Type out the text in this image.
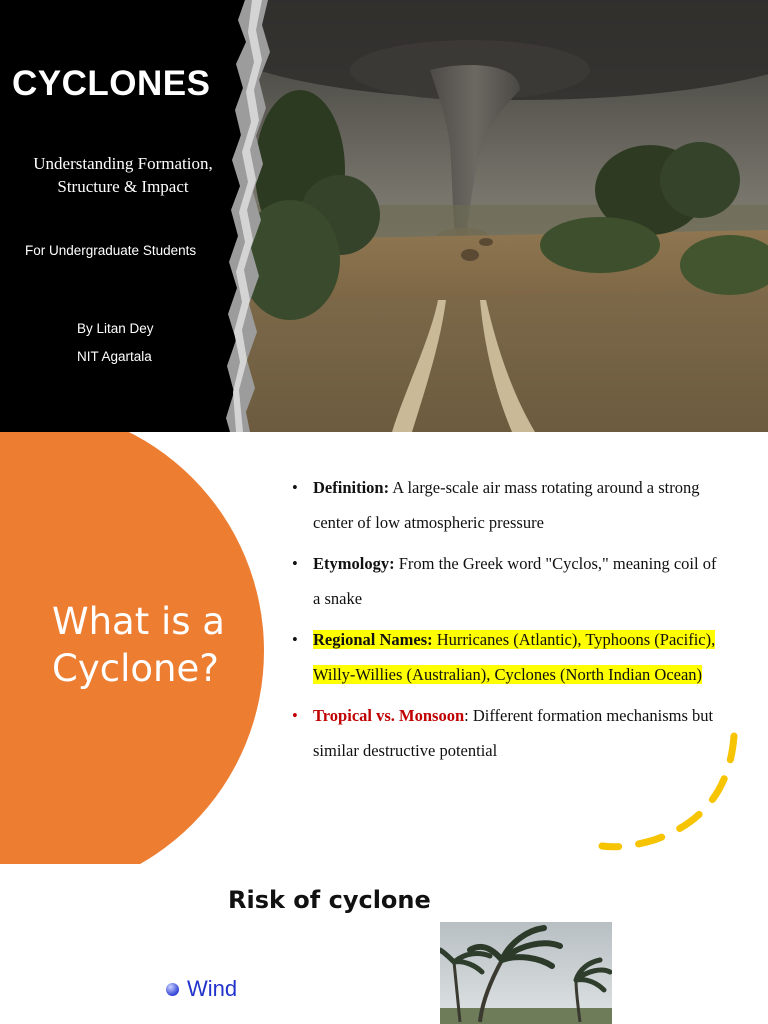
CYCLONES
Understanding Formation,
Structure & Impact
For Undergraduate Students
By Litan Dey
NIT Agartala
What is a
Cyclone?
• Definition: A large-scale air mass rotating around a strong center of low atmospheric pressure
• Etymology: From the Greek word "Cyclos," meaning coil of a snake
• Regional Names: Hurricanes (Atlantic), Typhoons (Pacific), Willy-Willies (Australian), Cyclones (North Indian Ocean)
• Tropical vs. Monsoon: Different formation mechanisms but similar destructive potential
Risk of cyclone
Wind
